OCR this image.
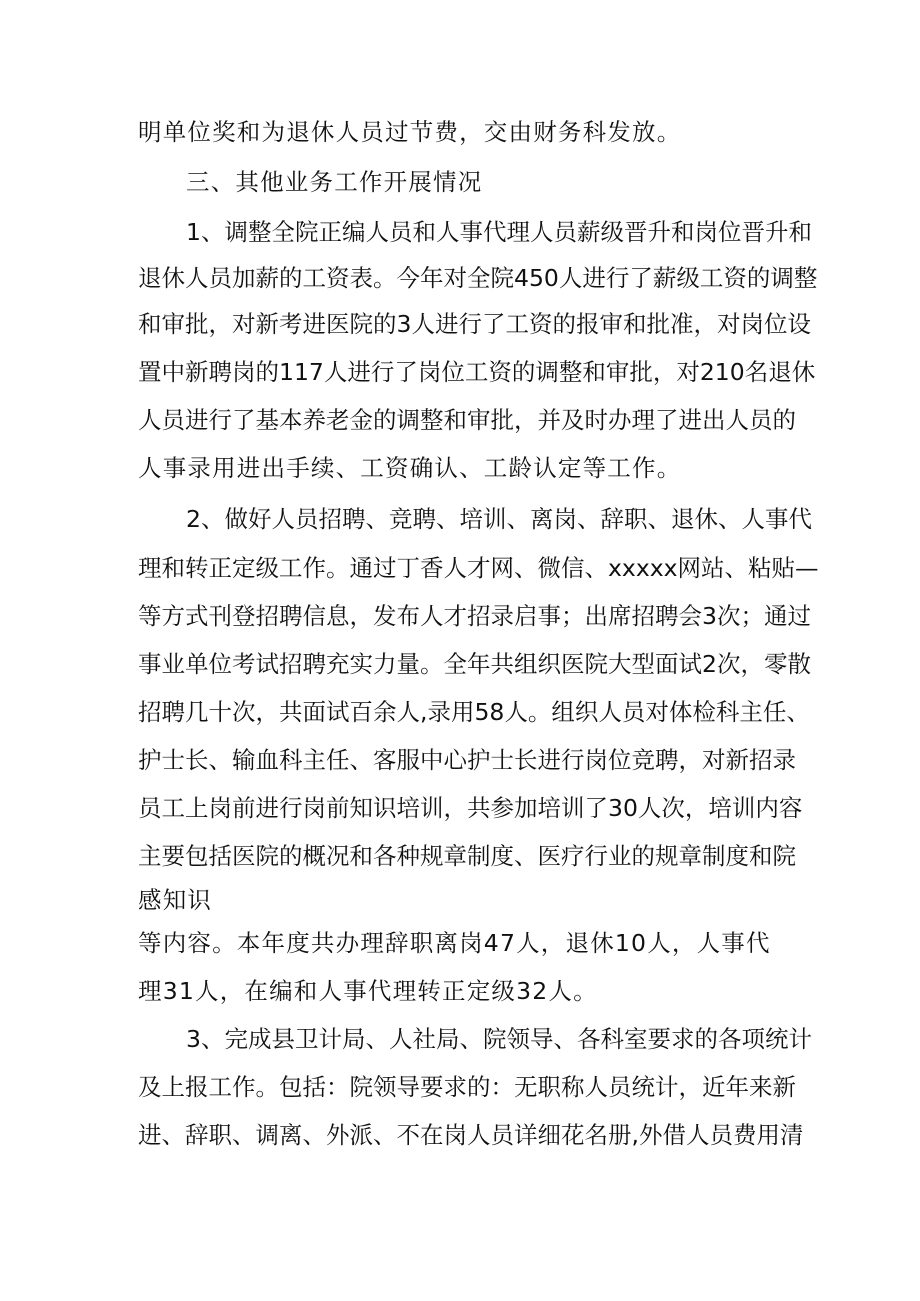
明单位奖和为退休人员过节费，交由财务科发放。
三、其他业务工作开展情况
1、调整全院正编人员和人事代理人员薪级晋升和岗位晋升和
退休人员加薪的工资表。今年对全院450人进行了薪级工资的调整
和审批，对新考进医院的3人进行了工资的报审和批准，对岗位设
置中新聘岗的117人进行了岗位工资的调整和审批，对210名退休
人员进行了基本养老金的调整和审批，并及时办理了进出人员的
人事录用进出手续、工资确认、工龄认定等工作。
2、做好人员招聘、竞聘、培训、离岗、辞职、退休、人事代
理和转正定级工作。通过丁香人才网、微信、xxxxx网站、粘贴—
等方式刊登招聘信息，发布人才招录启事；出席招聘会3次；通过
事业单位考试招聘充实力量。全年共组织医院大型面试2次，零散
招聘几十次，共面试百余人,录用58人。组织人员对体检科主任、
护士长、输血科主任、客服中心护士长进行岗位竞聘，对新招录
员工上岗前进行岗前知识培训，共参加培训了30人次，培训内容
主要包括医院的概况和各种规章制度、医疗行业的规章制度和院
感知识
等内容。本年度共办理辞职离岗47人，退休10人，人事代
理31人，在编和人事代理转正定级32人。
3、完成县卫计局、人社局、院领导、各科室要求的各项统计
及上报工作。包括：院领导要求的：无职称人员统计，近年来新
进、辞职、调离、外派、不在岗人员详细花名册,外借人员费用清
